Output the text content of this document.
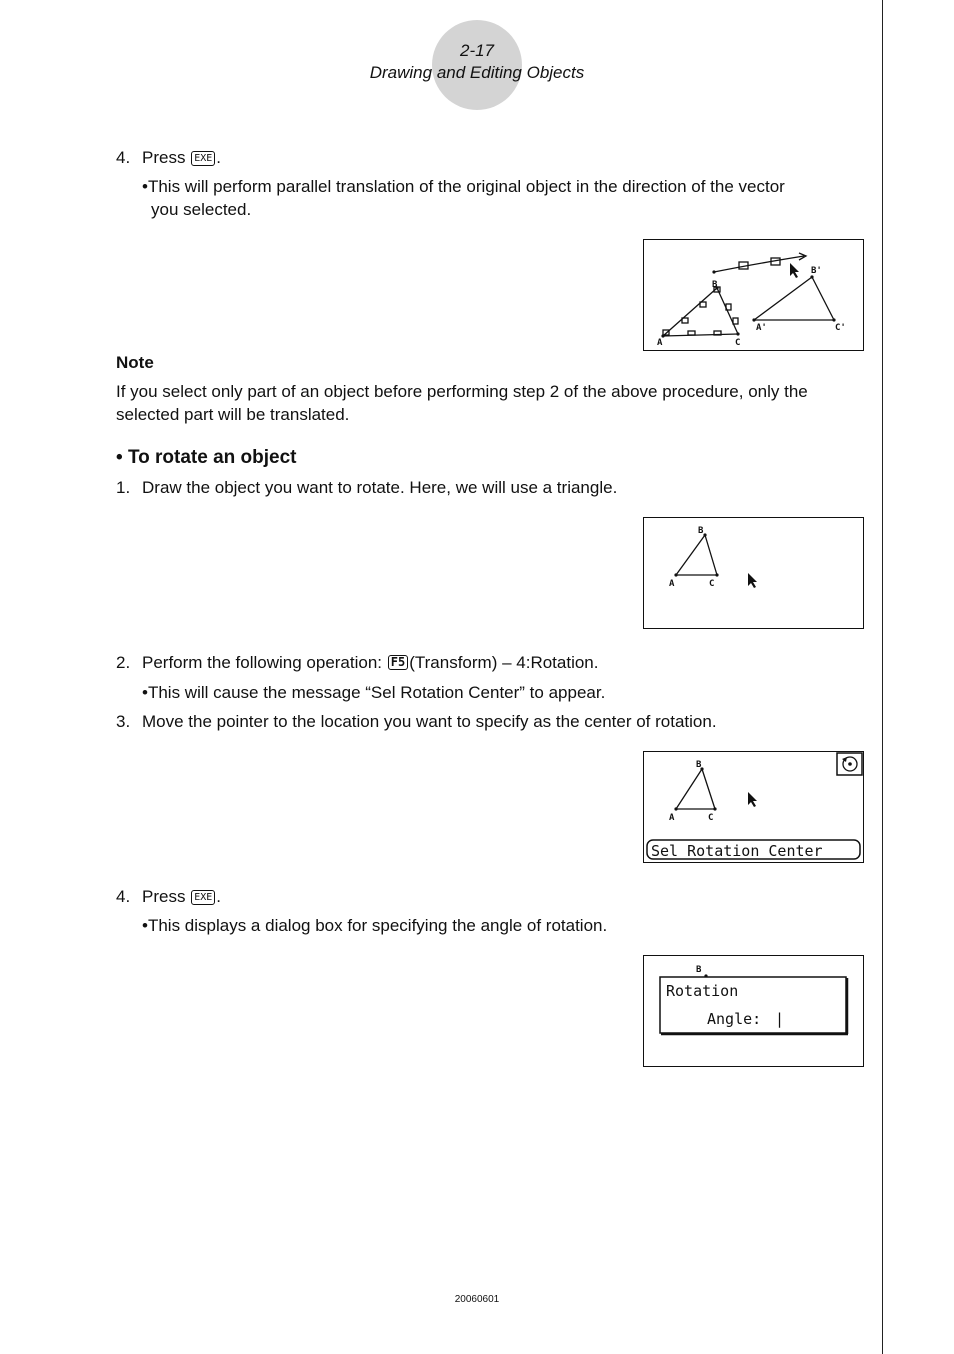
2-17
Drawing and Editing Objects
4. Press EXE .
•This will perform parallel translation of the original object in the direction of the vector
you selected.
A
B
C
A'
B'
C'
Note
If you select only part of an object before performing step 2 of the above procedure, only the
selected part will be translated.
• To rotate an object
1. Draw the object you want to rotate. Here, we will use a triangle.
A
B
C
2. Perform the following operation: F5 (Transform) – 4:Rotation.
•This will cause the message “Sel Rotation Center” to appear.
3. Move the pointer to the location you want to specify as the center of rotation.
A
B
C
Sel Rotation Center
4. Press EXE .
•This displays a dialog box for specifying the angle of rotation.
B
Rotation
Angle: |
20060601
